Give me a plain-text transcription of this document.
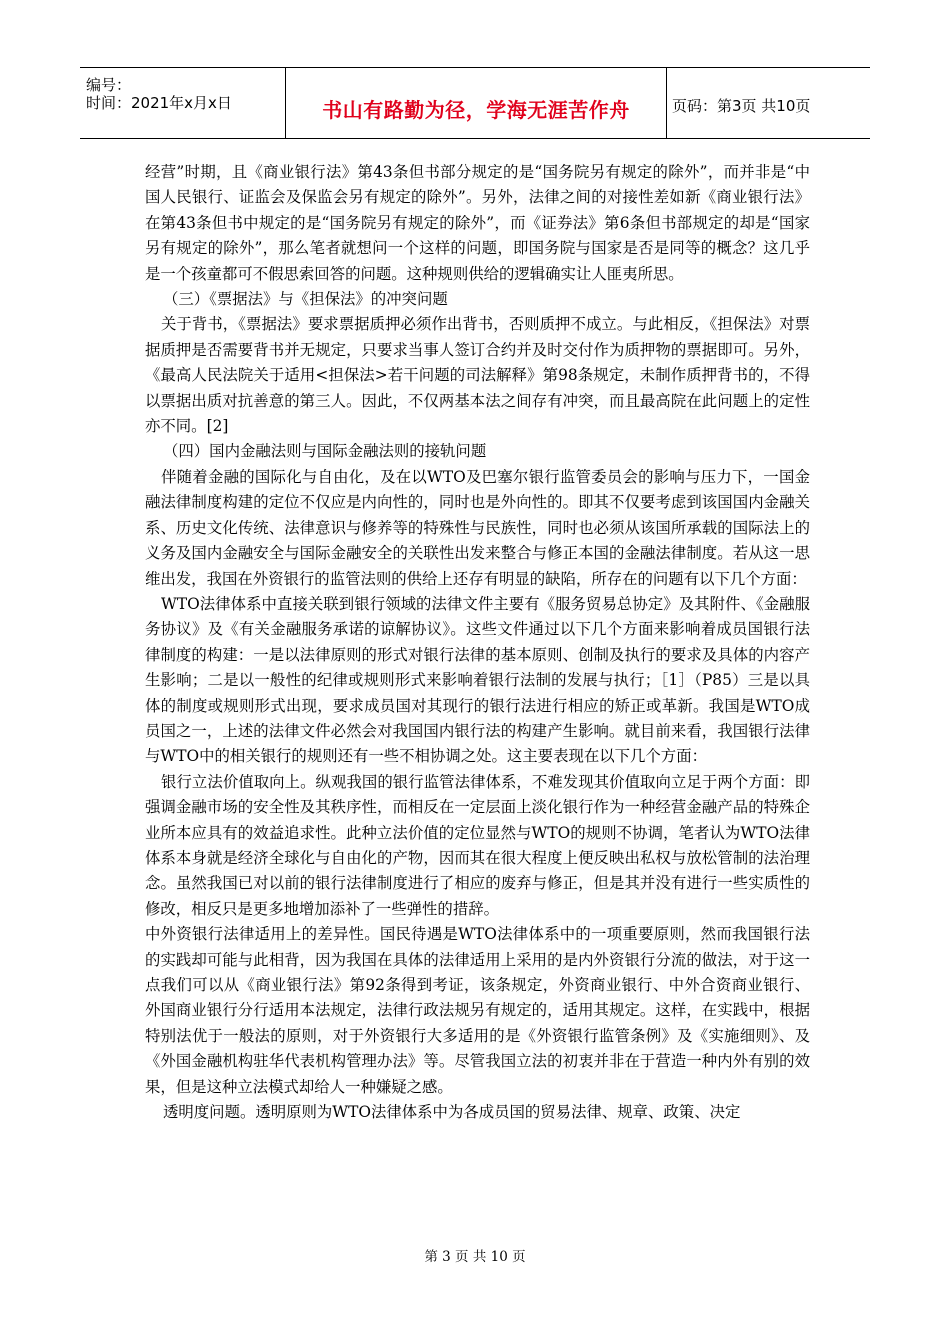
编号：
时间：2021年x月x日	书山有路勤为径，学海无涯苦作舟	页码：第3页 共10页

经营”时期，且《商业银行法》第43条但书部分规定的是“国务院另有规定的除外”，而并非是“中国人民银行、证监会及保监会另有规定的除外”。另外，法律之间的对接性差如新《商业银行法》在第43条但书中规定的是“国务院另有规定的除外”，而《证券法》第6条但书部规定的却是“国家另有规定的除外”，那么笔者就想问一个这样的问题，即国务院与国家是否是同等的概念？这几乎是一个孩童都可不假思索回答的问题。这种规则供给的逻辑确实让人匪夷所思。

（三）《票据法》与《担保法》的冲突问题

关于背书，《票据法》要求票据质押必须作出背书，否则质押不成立。与此相反，《担保法》对票据质押是否需要背书并无规定，只要求当事人签订合约并及时交付作为质押物的票据即可。另外，《最高人民法院关于适用<担保法>若干问题的司法解释》第98条规定，未制作质押背书的，不得以票据出质对抗善意的第三人。因此，不仅两基本法之间存有冲突，而且最高院在此问题上的定性亦不同。[2]

（四）国内金融法则与国际金融法则的接轨问题

伴随着金融的国际化与自由化，及在以WTO及巴塞尔银行监管委员会的影响与压力下，一国金融法律制度构建的定位不仅应是内向性的，同时也是外向性的。即其不仅要考虑到该国国内金融关系、历史文化传统、法律意识与修养等的特殊性与民族性，同时也必须从该国所承载的国际法上的义务及国内金融安全与国际金融安全的关联性出发来整合与修正本国的金融法律制度。若从这一思维出发，我国在外资银行的监管法则的供给上还存有明显的缺陷，所存在的问题有以下几个方面：

WTO法律体系中直接关联到银行领域的法律文件主要有《服务贸易总协定》及其附件、《金融服务协议》及《有关金融服务承诺的谅解协议》。这些文件通过以下几个方面来影响着成员国银行法律制度的构建：一是以法律原则的形式对银行法律的基本原则、创制及执行的要求及具体的内容产生影响；二是以一般性的纪律或规则形式来影响着银行法制的发展与执行；［1］（P85）三是以具体的制度或规则形式出现，要求成员国对其现行的银行法进行相应的矫正或革新。我国是WTO成员国之一，上述的法律文件必然会对我国国内银行法的构建产生影响。就目前来看，我国银行法律与WTO中的相关银行的规则还有一些不相协调之处。这主要表现在以下几个方面：

银行立法价值取向上。纵观我国的银行监管法律体系，不难发现其价值取向立足于两个方面：即强调金融市场的安全性及其秩序性，而相反在一定层面上淡化银行作为一种经营金融产品的特殊企业所本应具有的效益追求性。此种立法价值的定位显然与WTO的规则不协调，笔者认为WTO法律体系本身就是经济全球化与自由化的产物，因而其在很大程度上便反映出私权与放松管制的法治理念。虽然我国已对以前的银行法律制度进行了相应的废弃与修正，但是其并没有进行一些实质性的修改，相反只是更多地增加添补了一些弹性的措辞。

中外资银行法律适用上的差异性。国民待遇是WTO法律体系中的一项重要原则，然而我国银行法的实践却可能与此相背，因为我国在具体的法律适用上采用的是内外资银行分流的做法，对于这一点我们可以从《商业银行法》第92条得到考证，该条规定，外资商业银行、中外合资商业银行、外国商业银行分行适用本法规定，法律行政法规另有规定的，适用其规定。这样，在实践中，根据特别法优于一般法的原则，对于外资银行大多适用的是《外资银行监管条例》及《实施细则》、及《外国金融机构驻华代表机构管理办法》等。尽管我国立法的初衷并非在于营造一种内外有别的效果，但是这种立法模式却给人一种嫌疑之感。

透明度问题。透明原则为WTO法律体系中为各成员国的贸易法律、规章、政策、决定

第 3 页 共 10 页
